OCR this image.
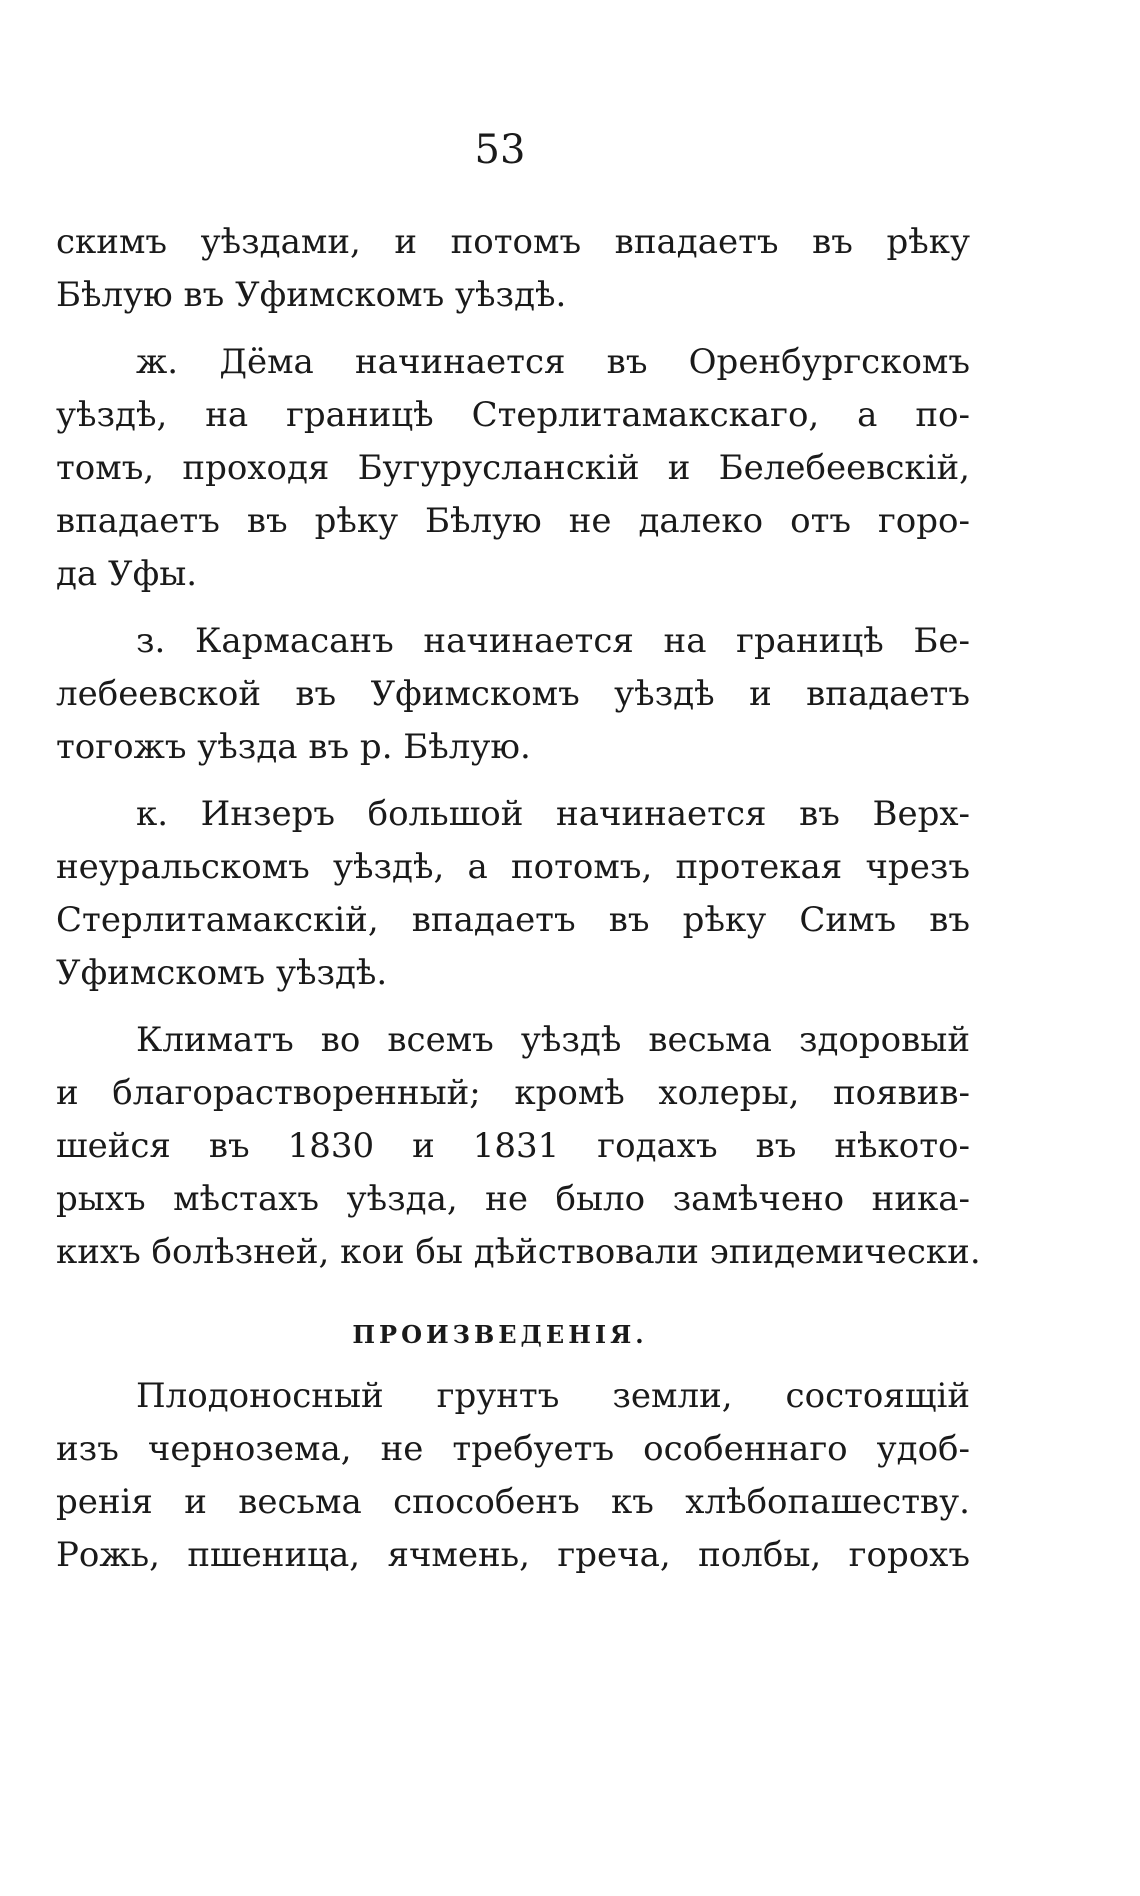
53

скимъ уѣздами, и потомъ впадаетъ въ рѣку
Бѣлую въ Уфимскомъ уѣздѣ.

ж. Дёма начинается въ Оренбургскомъ
уѣздѣ, на границѣ Стерлитамакскаго, а по-
томъ, проходя Бугурусланскій и Белебеевскій,
впадаетъ въ рѣку Бѣлую не далеко отъ горо-
да Уфы.

з. Кармасанъ начинается на границѣ Бе-
лебеевской въ Уфимскомъ уѣздѣ и впадаетъ
тогожъ уѣзда въ р. Бѣлую.

к. Инзеръ большой начинается въ Верх-
неуральскомъ уѣздѣ, а потомъ, протекая чрезъ
Стерлитамакскій, впадаетъ въ рѣку Симъ въ
Уфимскомъ уѣздѣ.

Климатъ во всемъ уѣздѣ весьма здоровый
и благорастворенный; кромѣ холеры, появив-
шейся въ 1830 и 1831 годахъ въ нѣкото-
рыхъ мѣстахъ уѣзда, не было замѣчено ника-
кихъ болѣзней, кои бы дѣйствовали эпидемически.

ПРОИЗВЕДЕНІЯ.

Плодоносный грунтъ земли, состоящій
изъ чернозема, не требуетъ особеннаго удоб-
ренія и весьма способенъ къ хлѣбопашеству.
Рожь, пшеница, ячмень, греча, полбы, горохъ
